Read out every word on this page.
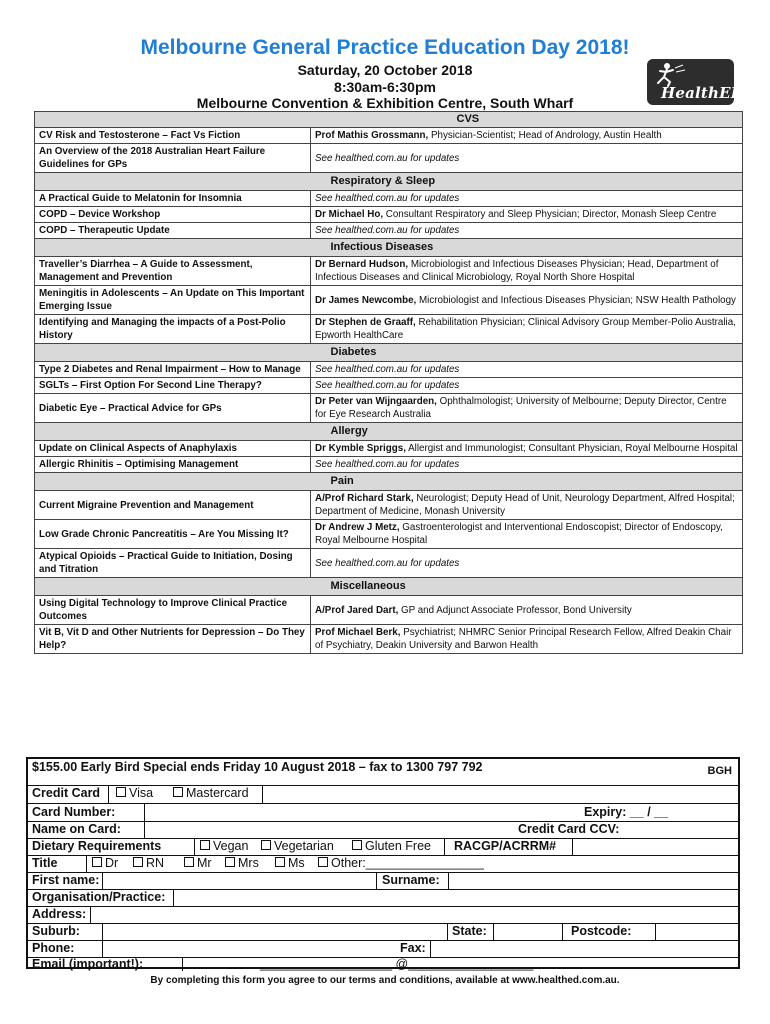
Melbourne General Practice Education Day 2018!
Saturday, 20 October 2018
8:30am-6:30pm
Melbourne Convention & Exhibition Centre, South Wharf
HealthED
	CVS
CV Risk and Testosterone – Fact Vs Fiction	Prof Mathis Grossmann, Physician-Scientist; Head of Andrology, Austin Health
An Overview of the 2018 Australian Heart Failure Guidelines for GPs	See healthed.com.au for updates
	Respiratory & Sleep
A Practical Guide to Melatonin for Insomnia	See healthed.com.au for updates
COPD – Device Workshop	Dr Michael Ho, Consultant Respiratory and Sleep Physician; Director, Monash Sleep Centre
COPD – Therapeutic Update	See healthed.com.au for updates
	Infectious Diseases
Traveller’s Diarrhea – A Guide to Assessment, Management and Prevention	Dr Bernard Hudson, Microbiologist and Infectious Diseases Physician; Head, Department of Infectious Diseases and Clinical Microbiology, Royal North Shore Hospital
Meningitis in Adolescents – An Update on This Important Emerging Issue	Dr James Newcombe, Microbiologist and Infectious Diseases Physician; NSW Health Pathology
Identifying and Managing the impacts of a Post-Polio History	Dr Stephen de Graaff, Rehabilitation Physician; Clinical Advisory Group Member-Polio Australia, Epworth HealthCare
	Diabetes
Type 2 Diabetes and Renal Impairment – How to Manage	See healthed.com.au for updates
SGLTs – First Option For Second Line Therapy?	See healthed.com.au for updates
Diabetic Eye – Practical Advice for GPs	Dr Peter van Wijngaarden, Ophthalmologist; University of Melbourne; Deputy Director, Centre for Eye Research Australia
	Allergy
Update on Clinical Aspects of Anaphylaxis	Dr Kymble Spriggs, Allergist and Immunologist; Consultant Physician, Royal Melbourne Hospital
Allergic Rhinitis – Optimising Management	See healthed.com.au for updates
	Pain
Current Migraine Prevention and Management	A/Prof Richard Stark, Neurologist; Deputy Head of Unit, Neurology Department, Alfred Hospital; Department of Medicine, Monash University
Low Grade Chronic Pancreatitis – Are You Missing It?	Dr Andrew J Metz, Gastroenterologist and Interventional Endoscopist; Director of Endoscopy, Royal Melbourne Hospital
Atypical Opioids – Practical Guide to Initiation, Dosing and Titration	See healthed.com.au for updates
	Miscellaneous
Using Digital Technology to Improve Clinical Practice Outcomes	A/Prof Jared Dart, GP and Adjunct Associate Professor, Bond University
Vit B, Vit D and Other Nutrients for Depression – Do They Help?	Prof Michael Berk, Psychiatrist; NHMRC Senior Principal Research Fellow, Alfred Deakin Chair of Psychiatry, Deakin University and Barwon Health
$155.00 Early Bird Special ends Friday 10 August 2018 – fax to 1300 797 792	BGH
Credit Card	Visa	Mastercard
Card Number:	Expiry: __ / __
Name on Card:	Credit Card CCV:
Dietary Requirements	Vegan	Vegetarian	Gluten Free	RACGP/ACRRM#
Title	Dr	RN	Mr	Mrs	Ms	Other:_________________
First name:	Surname:
Organisation/Practice:
Address:
Suburb:	State:	Postcode:
Phone:	Fax:
Email (important!):	___________________ @__________________
By completing this form you agree to our terms and conditions, available at www.healthed.com.au.
